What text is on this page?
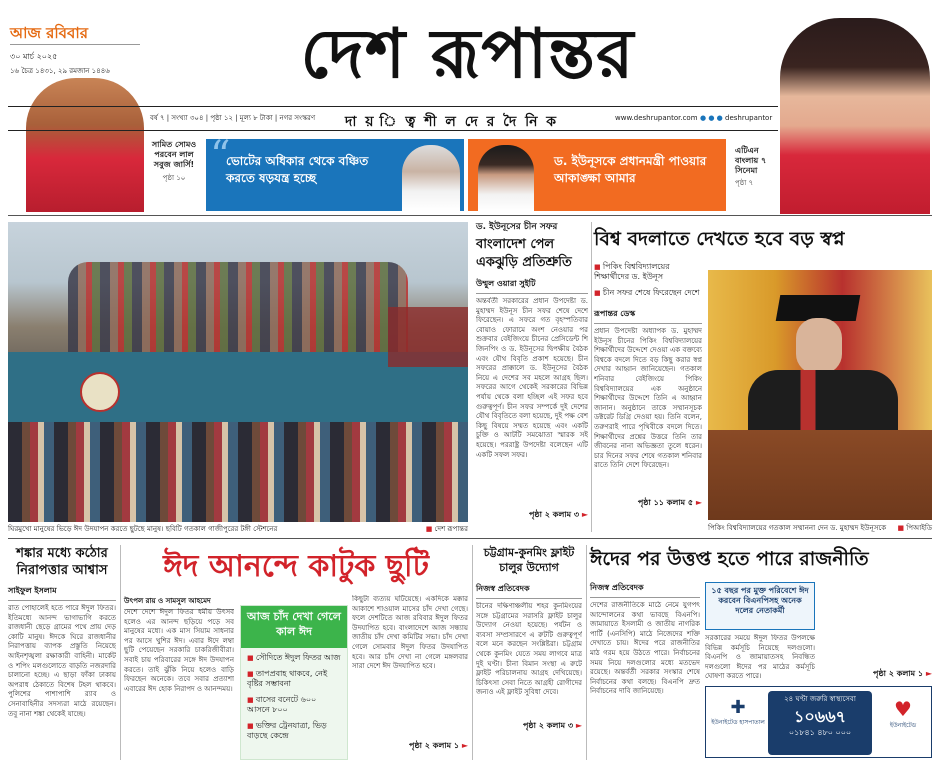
আজ রবিবার
৩০ মার্চ ২০২৫
১৬ চৈত্র ১৪৩১, ২৯ রমজান ১৪৪৬	দেশ রূপান্তর
বর্ষ ৭ | সংখ্যা ৩০৪ | পৃষ্ঠা ১২ | মূল্য ৮ টাকা | নগর সংস্করণ দা য় ি ত্ব শী ল দে র দৈ নি ক	www.deshrupantor.com ● ● ● deshrupantor
সামিত সোমও পরবেন লাল সবুজ জার্সি!
পৃষ্ঠা ১০ “
ভোটের অধিকার থেকে বঞ্চিত করতে ষড়যন্ত্র হচ্ছে
ড. ইউনূসকে প্রধানমন্ত্রী পাওয়ার আকাঙ্ক্ষা আমার
এটিএন বাংলায় ৭ সিনেমা
পৃষ্ঠা ৭
ঘিরমুখো মানুষের ভিড়ে ঈদ উদযাপন করতে ছুটছে মানুষ। ছবিটি গতকাল গাজীপুরের টঙ্গী স্টেশনের	■ দেশ রূপান্তর
ড. ইউনূসের চীন সফর
বাংলাদেশ পেল একঝুড়ি প্রতিশ্রুতি
উম্মুল ওয়ারা সুইটি
অন্তর্বর্তী সরকারের প্রধান উপদেষ্টা ড. মুহাম্মদ ইউনূস চীন সফর শেষে দেশে ফিরেছেন। এ সফরে গত বৃহস্পতিবার বোয়াও ফোরামে অংশ নেওয়ার পর শুক্রবার বেইজিংয়ে চীনের প্রেসিডেন্ট শি জিনপিং ও ড. ইউনূসের দ্বিপক্ষীয় বৈঠক এবং যৌথ বিবৃতি প্রকাশ হয়েছে। চীন সফরের প্রাক্কালে ড. ইউনূসের বৈঠক নিয়ে এ দেশের সব মহলে আগ্রহ ছিল। সফরের আগে থেকেই সরকারের বিভিন্ন পর্যায় থেকে বলা হচ্ছিল এই সফর হবে গুরুত্বপূর্ণ। চীন সফর সম্পর্কে দুই দেশের যৌথ বিবৃতিতে বলা হয়েছে, দুই পক্ষ বেশ কিছু বিষয়ে সম্মত হয়েছে এবং একটি চুক্তি ও আটটি সমঝোতা স্মারক সই হয়েছে। পররাষ্ট্র উপদেষ্টা বলেছেন এটি একটি সফল সফর।
পৃষ্ঠা ২ কলাম ৩ ►
বিশ্ব বদলাতে দেখতে হবে বড় স্বপ্ন
■ পিকিং বিশ্ববিদ্যালয়ের শিক্ষার্থীদের ড. ইউনূস
■ চীন সফর শেষে ফিরেছেন দেশে
রূপান্তর ডেস্ক
প্রধান উপদেষ্টা অধ্যাপক ড. মুহাম্মদ ইউনূস চীনের পিকিং বিশ্ববিদ্যালয়ের শিক্ষার্থীদের উদ্দেশে দেওয়া এক বক্তব্যে বিশ্বকে বদলে দিতে বড় কিছু করার স্বপ্ন দেখার আহ্বান জানিয়েছেন। গতকাল শনিবার বেইজিংয়ে পিকিং বিশ্ববিদ্যালয়ের এক অনুষ্ঠানে শিক্ষার্থীদের উদ্দেশে তিনি এ আহ্বান জানান। অনুষ্ঠানে তাকে সম্মানসূচক ডক্টরেট ডিগ্রি দেওয়া হয়। তিনি বলেন, তরুণরাই পারে পৃথিবীকে বদলে দিতে। শিক্ষার্থীদের প্রশ্নের উত্তরে তিনি তার জীবনের নানা অভিজ্ঞতা তুলে ধরেন। চার দিনের সফর শেষে গতকাল শনিবার রাতে তিনি দেশে ফিরেছেন।
পৃষ্ঠা ১১ কলাম ৫ ►
পিকিং বিশ্ববিদ্যালয়ের গতকাল সম্মাননা দেন ড. মুহাম্মদ ইউনূসকে	■ পিআইডি
শঙ্কার মধ্যে কঠোর নিরাপত্তার আশ্বাস
সাইফুল ইসলাম
রাত পোহালেই হতে পারে ঈদুল ফিতর। ইতিমধ্যে আনন্দ ভাগাভাগি করতে রাজধানী ছেড়ে গ্রামের পথে প্রায় দেড় কোটি মানুষ। ঈদকে ঘিরে রাজধানীর নিরাপত্তায় ব্যাপক প্রস্তুতি নিয়েছে আইনশৃঙ্খলা রক্ষাকারী বাহিনী। মার্কেট ও শপিং মলগুলোতে বাড়তি নজরদারি চালানো হচ্ছে। এ ছাড়া ফাঁকা ঢাকায় অপরাধ ঠেকাতে বিশেষ টহল থাকবে। পুলিশের পাশাপাশি র‌্যাব ও সেনাবাহিনীর সদস্যরা মাঠে রয়েছেন। তবু নানা শঙ্কা থেকেই যাচ্ছে।
ঈদ আনন্দে কাটুক ছুটি
উৎপল রায় ও সামসুল আহমেদ
দেশে দেশে ঈদুল ফিতর ধর্মীয় উৎসব হলেও এর আনন্দ ছড়িয়ে পড়ে সব মানুষের মধ্যে। এক মাস সিয়াম সাধনার পর আসে খুশির ঈদ। এবার ঈদে লম্বা ছুটি পেয়েছেন সরকারি চাকরিজীবীরা। সবাই চায় পরিবারের সঙ্গে ঈদ উদযাপন করতে। তাই ঝুঁকি নিয়ে হলেও বাড়ি ফিরছেন অনেকে। তবে সবার প্রত্যাশা এবারের ঈদ হোক নিরাপদ ও আনন্দময়।
আজ চাঁদ দেখা গেলে কাল ঈদ
■ সৌদিতে ঈদুল ফিতর আজ
■ তাপপ্রবাহ থাকবে, নেই বৃষ্টির সম্ভাবনা
■ বাসের বনেটে ৬০০ আসনে ৮০০
■ ভক্তির ট্রেনযাত্রা, ভিড় বাড়ছে কেন্দ্রে
কিছুটা ব্যত্যয় ঘটিয়েছে। একদিকে মক্কার আকাশে শাওয়াল মাসের চাঁদ দেখা গেছে। ফলে দেশটিতে আজ রবিবার ঈদুল ফিতর উদযাপিত হবে। বাংলাদেশে আজ সন্ধ্যায় জাতীয় চাঁদ দেখা কমিটির সভা। চাঁদ দেখা গেলে সোমবার ঈদুল ফিতর উদযাপিত হবে। আর চাঁদ দেখা না গেলে মঙ্গলবার সারা দেশে ঈদ উদযাপিত হবে।
পৃষ্ঠা ২ কলাম ১ ►
চট্টগ্রাম-কুনমিং ফ্লাইট চালুর উদ্যোগ
নিজস্ব প্রতিবেদক
চীনের দক্ষিণাঞ্চলীয় শহর কুনমিংয়ের সঙ্গে চট্টগ্রামের সরাসরি ফ্লাইট চালুর উদ্যোগ নেওয়া হয়েছে। পর্যটন ও ব্যবসা সম্প্রসারণে এ রুটটি গুরুত্বপূর্ণ বলে মনে করছেন সংশ্লিষ্টরা। চট্টগ্রাম থেকে কুনমিং যেতে সময় লাগবে মাত্র দুই ঘণ্টা। চীনা বিমান সংস্থা এ রুটে ফ্লাইট পরিচালনায় আগ্রহ দেখিয়েছে। চিকিৎসা সেবা নিতে আগ্রহী রোগীদের জন্যও এই ফ্লাইট সুবিধা দেবে।
পৃষ্ঠা ২ কলাম ৩ ►
ঈদের পর উত্তপ্ত হতে পারে রাজনীতি
নিজস্ব প্রতিবেদক
দেশের রাজনীতিকে মাঠে নেমে যুগপৎ আন্দোলনের কথা ভাবছে বিএনপি। জামায়াতে ইসলামী ও জাতীয় নাগরিক পার্টি (এনসিপি) মাঠে নিজেদের শক্তি দেখাতে চায়। ঈদের পরে রাজনীতির মাঠ গরম হয়ে উঠতে পারে। নির্বাচনের সময় নিয়ে দলগুলোর মধ্যে মতভেদ রয়েছে। অন্তর্বর্তী সরকার সংস্কার শেষে নির্বাচনের কথা বলছে। বিএনপি দ্রুত নির্বাচনের দাবি জানিয়েছে।
১৫ বছর পর মুক্ত পরিবেশে ঈদ করবেন বিএনপিসহ অনেক দলের নেতাকর্মী
সরকারের সময়ে ঈদুল ফিতর উপলক্ষে বিভিন্ন কর্মসূচি নিয়েছে দলগুলো। বিএনপি ও জামায়াতসহ নিবন্ধিত দলগুলো ঈদের পর মাঠের কর্মসূচি ঘোষণা করতে পারে।	পৃষ্ঠা ২ কলাম ১ ►
✚
ইউনাইটেড হাসপাতাল
২৪ ঘণ্টা জরুরি স্বাস্থ্যসেবা
১০৬৬৭
০১৮৪১ ৪৮০ ০০০
♥
ইউনাইটেড
